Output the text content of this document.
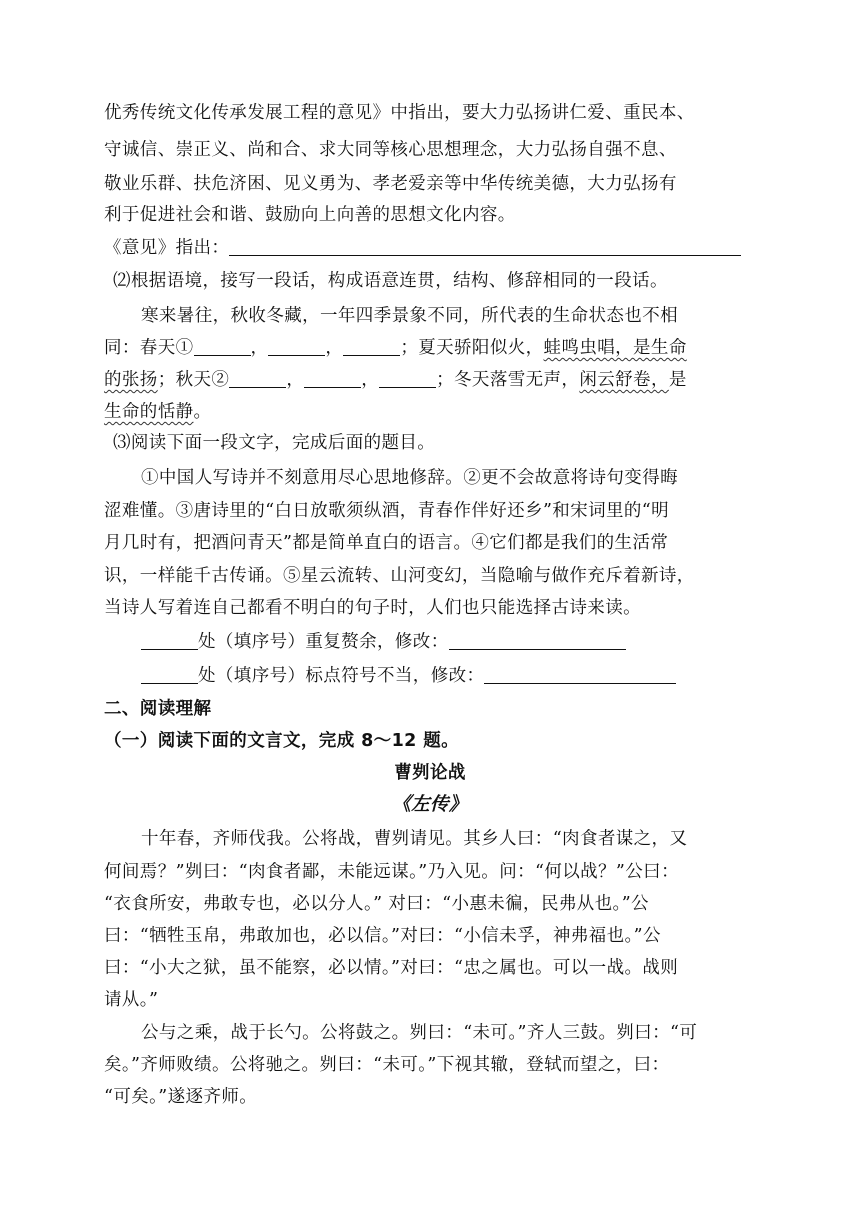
优秀传统文化传承发展工程的意见》中指出，要大力弘扬讲仁爱、重民本、
守诚信、崇正义、尚和合、求大同等核心思想理念，大力弘扬自强不息、
敬业乐群、扶危济困、见义勇为、孝老爱亲等中华传统美德，大力弘扬有
利于促进社会和谐、鼓励向上向善的思想文化内容。
《意见》指出：
⑵根据语境，接写一段话，构成语意连贯，结构、修辞相同的一段话。
寒来暑往，秋收冬藏，一年四季景象不同，所代表的生命状态也不相
同：春天①	，	，	；夏天骄阳似火，蛙鸣虫唱，是生命
的张扬；秋天②	，	，	；冬天落雪无声，闲云舒卷，是
生命的恬静。
⑶阅读下面一段文字，完成后面的题目。
①中国人写诗并不刻意用尽心思地修辞。②更不会故意将诗句变得晦
涩难懂。③唐诗里的“白日放歌须纵酒，青春作伴好还乡”和宋词里的“明
月几时有，把酒问青天”都是简单直白的语言。④它们都是我们的生活常
识，一样能千古传诵。⑤星云流转、山河变幻，当隐喻与做作充斥着新诗，
当诗人写着连自己都看不明白的句子时，人们也只能选择古诗来读。
处（填序号）重复赘余，修改：
处（填序号）标点符号不当，修改：
二、阅读理解
（一）阅读下面的文言文，完成 8～12 题。
曹刿论战
《左传》
十年春，齐师伐我。公将战，曹刿请见。其乡人曰：“肉食者谋之，又
何间焉？”刿曰：“肉食者鄙，未能远谋。”乃入见。问：“何以战？”公曰：
“衣食所安，弗敢专也，必以分人。” 对曰：“小惠未徧，民弗从也。”公
曰：“牺牲玉帛，弗敢加也，必以信。”对曰：“小信未孚，神弗福也。”公
曰：“小大之狱，虽不能察，必以情。”对曰：“忠之属也。可以一战。战则
请从。”
公与之乘，战于长勺。公将鼓之。刿曰：“未可。”齐人三鼓。刿曰：“可
矣。”齐师败绩。公将驰之。刿曰：“未可。”下视其辙，登轼而望之，曰：
“可矣。”遂逐齐师。
